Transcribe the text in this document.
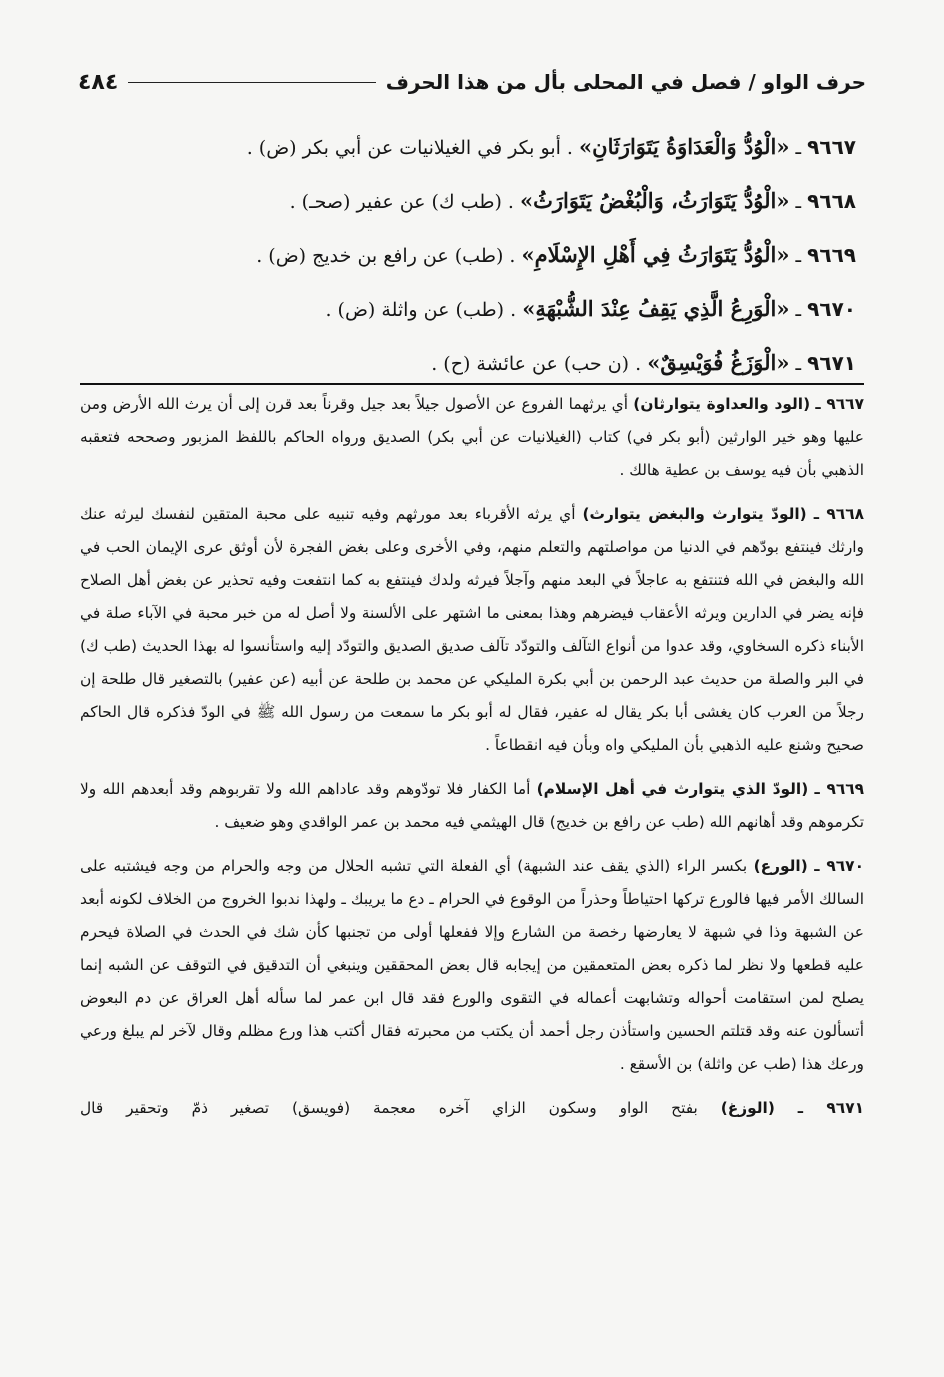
٤٨٤	حرف الواو / فصل في المحلى بأل من هذا الحرف
٩٦٦٧ ـ «الْوُدُّ وَالْعَدَاوَةُ يَتَوَارَثَانِ» . أبو بكر في الغيلانيات عن أبي بكر (ض) .
٩٦٦٨ ـ «الْوُدُّ يَتَوَارَثُ، وَالْبُغْضُ يَتَوَارَثُ» . (طب ك) عن عفير (صحـ) .
٩٦٦٩ ـ «الْوُدُّ يَتَوَارَثُ فِي أَهْلِ الإِسْلَامِ» . (طب) عن رافع بن خديج (ض) .
٩٦٧٠ ـ «الْوَرِعُ الَّذِي يَقِفُ عِنْدَ الشُّبْهَةِ» . (طب) عن واثلة (ض) .
٩٦٧١ ـ «الْوَزَغُ فُوَيْسِقٌ» . (ن حب) عن عائشة (ح) .
٩٦٦٧ ـ (الود والعداوة يتوارثان) أي يرثهما الفروع عن الأصول جيلاً بعد جيل وقرناً بعد قرن إلى أن يرث الله الأرض ومن عليها وهو خير الوارثين (أبو بكر في) كتاب (الغيلانيات عن أبي بكر) الصديق ورواه الحاكم باللفظ المزبور وصححه فتعقبه الذهبي بأن فيه يوسف بن عطية هالك .
٩٦٦٨ ـ (الودّ يتوارث والبغض يتوارث) أي يرثه الأقرباء بعد مورثهم وفيه تنبيه على محبة المتقين لنفسك ليرثه عنك وارثك فينتفع بودّهم في الدنيا من مواصلتهم والتعلم منهم، وفي الأخرى وعلى بغض الفجرة لأن أوثق عرى الإيمان الحب في الله والبغض في الله فتنتفع به عاجلاً في البعد منهم وآجلاً فيرثه ولدك فينتفع به كما انتفعت وفيه تحذير عن بغض أهل الصلاح فإنه يضر في الدارين ويرثه الأعقاب فيضرهم وهذا بمعنى ما اشتهر على الألسنة ولا أصل له من خبر محبة في الآباء صلة في الأبناء ذكره السخاوي، وقد عدوا من أنواع التآلف والتودّد تآلف صديق الصديق والتودّد إليه واستأنسوا له بهذا الحديث (طب ك) في البر والصلة من حديث عبد الرحمن بن أبي بكرة المليكي عن محمد بن طلحة عن أبيه (عن عفير) بالتصغير قال طلحة إن رجلاً من العرب كان يغشى أبا بكر يقال له عفير، فقال له أبو بكر ما سمعت من رسول الله ﷺ في الودّ فذكره قال الحاكم صحيح وشنع عليه الذهبي بأن المليكي واه وبأن فيه انقطاعاً .
٩٦٦٩ ـ (الودّ الذي يتوارث في أهل الإسلام) أما الكفار فلا تودّوهم وقد عاداهم الله ولا تقربوهم وقد أبعدهم الله ولا تكرموهم وقد أهانهم الله (طب عن رافع بن خديج) قال الهيثمي فيه محمد بن عمر الواقدي وهو ضعيف .
٩٦٧٠ ـ (الورع) بكسر الراء (الذي يقف عند الشبهة) أي الفعلة التي تشبه الحلال من وجه والحرام من وجه فيشتبه على السالك الأمر فيها فالورع تركها احتياطاً وحذراً من الوقوع في الحرام ـ دع ما يريبك ـ ولهذا ندبوا الخروج من الخلاف لكونه أبعد عن الشبهة وذا في شبهة لا يعارضها رخصة من الشارع وإلا ففعلها أولى من تجنبها كأن شك في الحدث في الصلاة فيحرم عليه قطعها ولا نظر لما ذكره بعض المتعمقين من إيجابه قال بعض المحققين وينبغي أن التدقيق في التوقف عن الشبه إنما يصلح لمن استقامت أحواله وتشابهت أعماله في التقوى والورع فقد قال ابن عمر لما سأله أهل العراق عن دم البعوض أتسألون عنه وقد قتلتم الحسين واستأذن رجل أحمد أن يكتب من محبرته فقال أكتب هذا ورع مظلم وقال لآخر لم يبلغ ورعي ورعك هذا (طب عن واثلة) بن الأسقع .
٩٦٧١ ـ (الوزغ) بفتح الواو وسكون الزاي آخره معجمة (فويسق) تصغير ذمّ وتحقير قال
